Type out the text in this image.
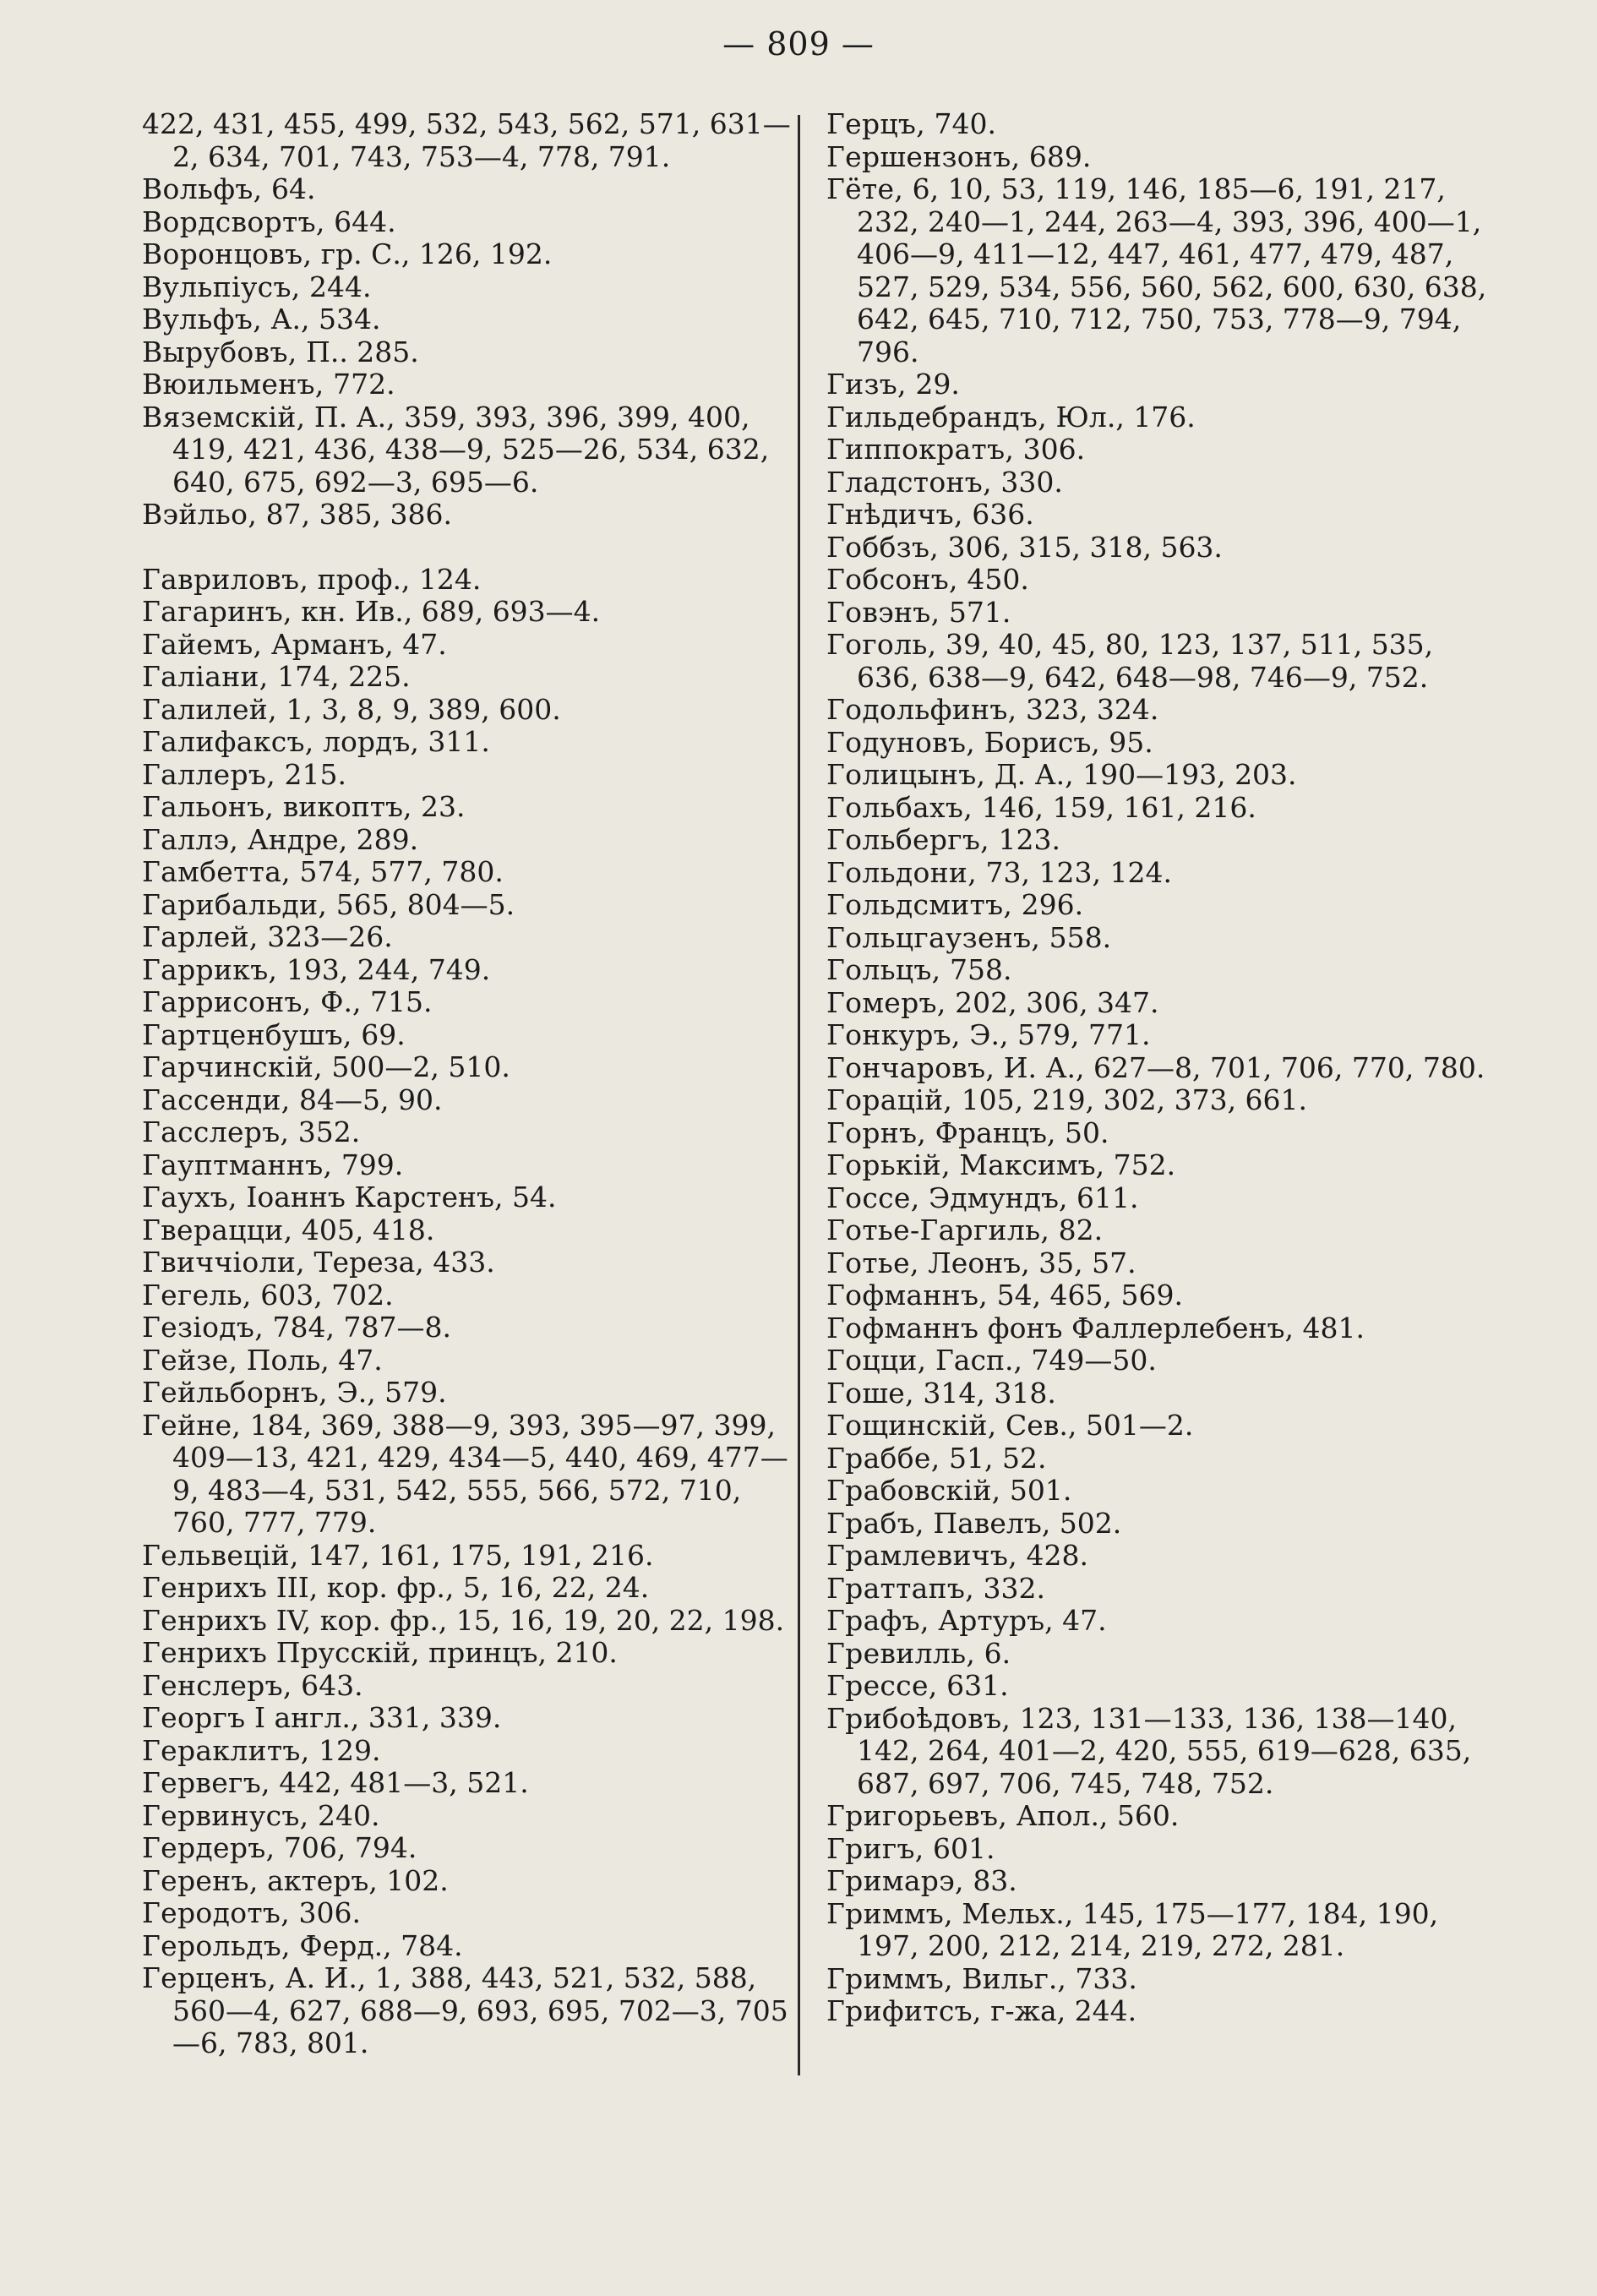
— 809 —
422, 431, 455, 499, 532, 543, 562, 571, 631—2, 634, 701, 743, 753—4, 778, 791.
Вольфъ, 64.
Вордсвортъ, 644.
Воронцовъ, гр. С., 126, 192.
Вульпіусъ, 244.
Вульфъ, А., 534.
Вырубовъ, П.. 285.
Вюильменъ, 772.
Вяземскій, П. А., 359, 393, 396, 399, 400, 419, 421, 436, 438—9, 525—26, 534, 632, 640, 675, 692—3, 695—6.
Вэйльо, 87, 385, 386.
Гавриловъ, проф., 124.
Гагаринъ, кн. Ив., 689, 693—4.
Гайемъ, Арманъ, 47.
Галіани, 174, 225.
Галилей, 1, 3, 8, 9, 389, 600.
Галифаксъ, лордъ, 311.
Галлеръ, 215.
Гальонъ, викоптъ, 23.
Галлэ, Андре, 289.
Гамбетта, 574, 577, 780.
Гарибальди, 565, 804—5.
Гарлей, 323—26.
Гаррикъ, 193, 244, 749.
Гаррисонъ, Ф., 715.
Гартценбушъ, 69.
Гарчинскій, 500—2, 510.
Гассенди, 84—5, 90.
Гасслеръ, 352.
Гауптманнъ, 799.
Гаухъ, Іоаннъ Карстенъ, 54.
Гверацци, 405, 418.
Гвиччіоли, Тереза, 433.
Гегель, 603, 702.
Гезіодъ, 784, 787—8.
Гейзе, Поль, 47.
Гейльборнъ, Э., 579.
Гейне, 184, 369, 388—9, 393, 395—97, 399, 409—13, 421, 429, 434—5, 440, 469, 477—9, 483—4, 531, 542, 555, 566, 572, 710, 760, 777, 779.
Гельвецій, 147, 161, 175, 191, 216.
Генрихъ III, кор. фр., 5, 16, 22, 24.
Генрихъ IV, кор. фр., 15, 16, 19, 20, 22, 198.
Генрихъ Прусскій, принцъ, 210.
Генслеръ, 643.
Георгъ I англ., 331, 339.
Гераклитъ, 129.
Гервегъ, 442, 481—3, 521.
Гервинусъ, 240.
Гердеръ, 706, 794.
Геренъ, актеръ, 102.
Геродотъ, 306.
Герольдъ, Ферд., 784.
Герценъ, А. И., 1, 388, 443, 521, 532, 588, 560—4, 627, 688—9, 693, 695, 702—3, 705—6, 783, 801.
Герцъ, 740.
Гершензонъ, 689.
Гёте, 6, 10, 53, 119, 146, 185—6, 191, 217, 232, 240—1, 244, 263—4, 393, 396, 400—1, 406—9, 411—12, 447, 461, 477, 479, 487, 527, 529, 534, 556, 560, 562, 600, 630, 638, 642, 645, 710, 712, 750, 753, 778—9, 794, 796.
Гизъ, 29.
Гильдебрандъ, Юл., 176.
Гиппократъ, 306.
Гладстонъ, 330.
Гнѣдичъ, 636.
Гоббзъ, 306, 315, 318, 563.
Гобсонъ, 450.
Говэнъ, 571.
Гоголь, 39, 40, 45, 80, 123, 137, 511, 535, 636, 638—9, 642, 648—98, 746—9, 752.
Годольфинъ, 323, 324.
Годуновъ, Борисъ, 95.
Голицынъ, Д. А., 190—193, 203.
Гольбахъ, 146, 159, 161, 216.
Гольбергъ, 123.
Гольдони, 73, 123, 124.
Гольдсмитъ, 296.
Гольцгаузенъ, 558.
Гольцъ, 758.
Гомеръ, 202, 306, 347.
Гонкуръ, Э., 579, 771.
Гончаровъ, И. А., 627—8, 701, 706, 770, 780.
Горацій, 105, 219, 302, 373, 661.
Горнъ, Францъ, 50.
Горькій, Максимъ, 752.
Госсе, Эдмундъ, 611.
Готье-Гаргиль, 82.
Готье, Леонъ, 35, 57.
Гофманнъ, 54, 465, 569.
Гофманнъ фонъ Фаллерлебенъ, 481.
Гоцци, Гасп., 749—50.
Гоше, 314, 318.
Гощинскій, Сев., 501—2.
Граббе, 51, 52.
Грабовскій, 501.
Грабъ, Павелъ, 502.
Грамлевичъ, 428.
Граттапъ, 332.
Графъ, Артуръ, 47.
Гревилль, 6.
Грессе, 631.
Грибоѣдовъ, 123, 131—133, 136, 138—140, 142, 264, 401—2, 420, 555, 619—628, 635, 687, 697, 706, 745, 748, 752.
Григорьевъ, Апол., 560.
Григъ, 601.
Гримарэ, 83.
Гриммъ, Мельх., 145, 175—177, 184, 190, 197, 200, 212, 214, 219, 272, 281.
Гриммъ, Вильг., 733.
Грифитсъ, г-жа, 244.
